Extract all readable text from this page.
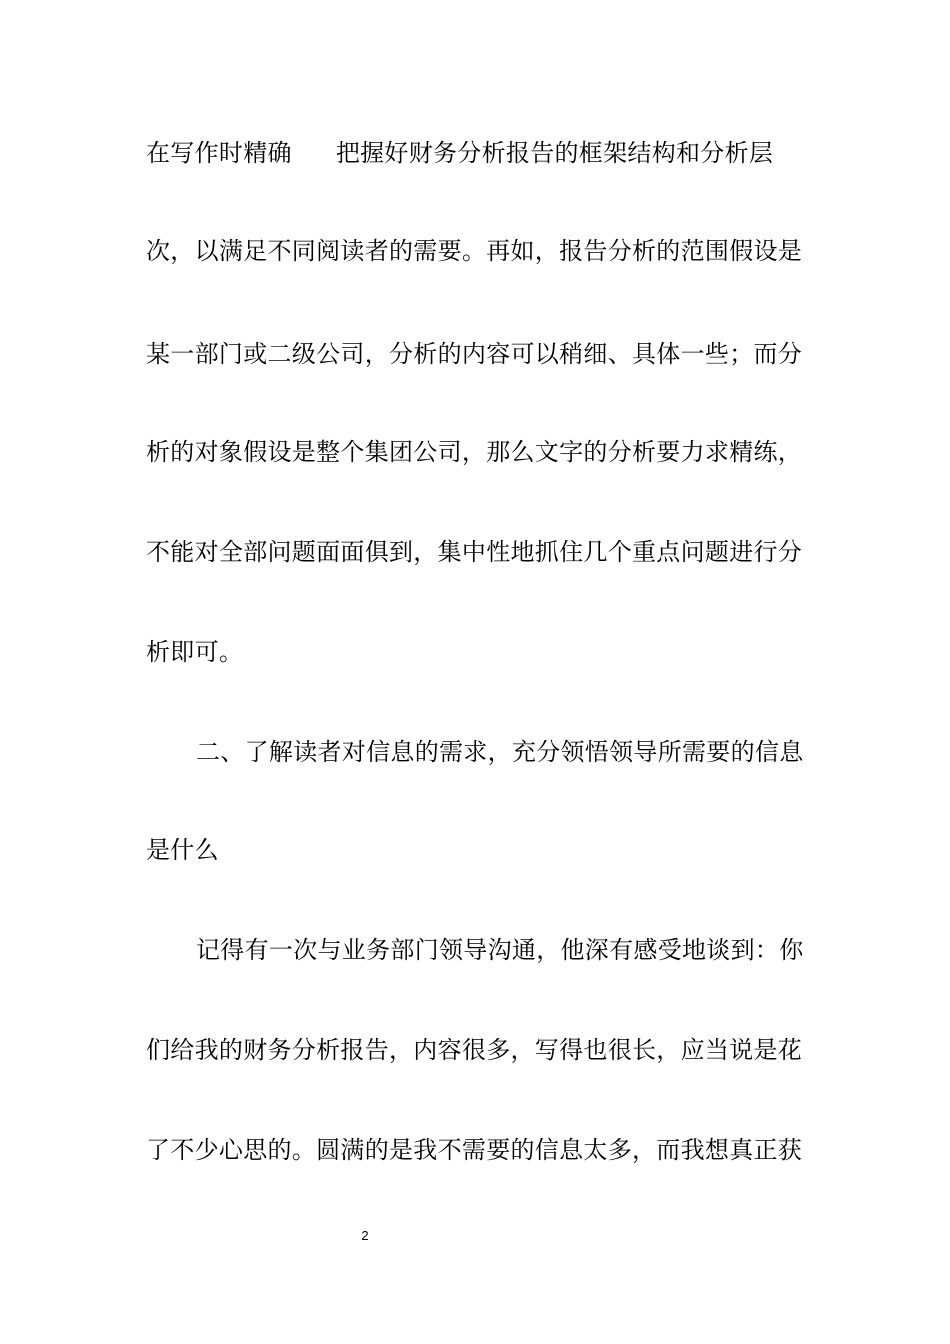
在写作时精确 把握好财务分析报告的框架结构和分析层
次，以满足不同阅读者的需要。再如，报告分析的范围假设是
某一部门或二级公司，分析的内容可以稍细、具体一些；而分
析的对象假设是整个集团公司，那么文字的分析要力求精练，
不能对全部问题面面俱到，集中性地抓住几个重点问题进行分
析即可。
二、了解读者对信息的需求，充分领悟领导所需要的信息
是什么
记得有一次与业务部门领导沟通，他深有感受地谈到：你
们给我的财务分析报告，内容很多，写得也很长，应当说是花
了不少心思的。圆满的是我不需要的信息太多，而我想真正获
2
